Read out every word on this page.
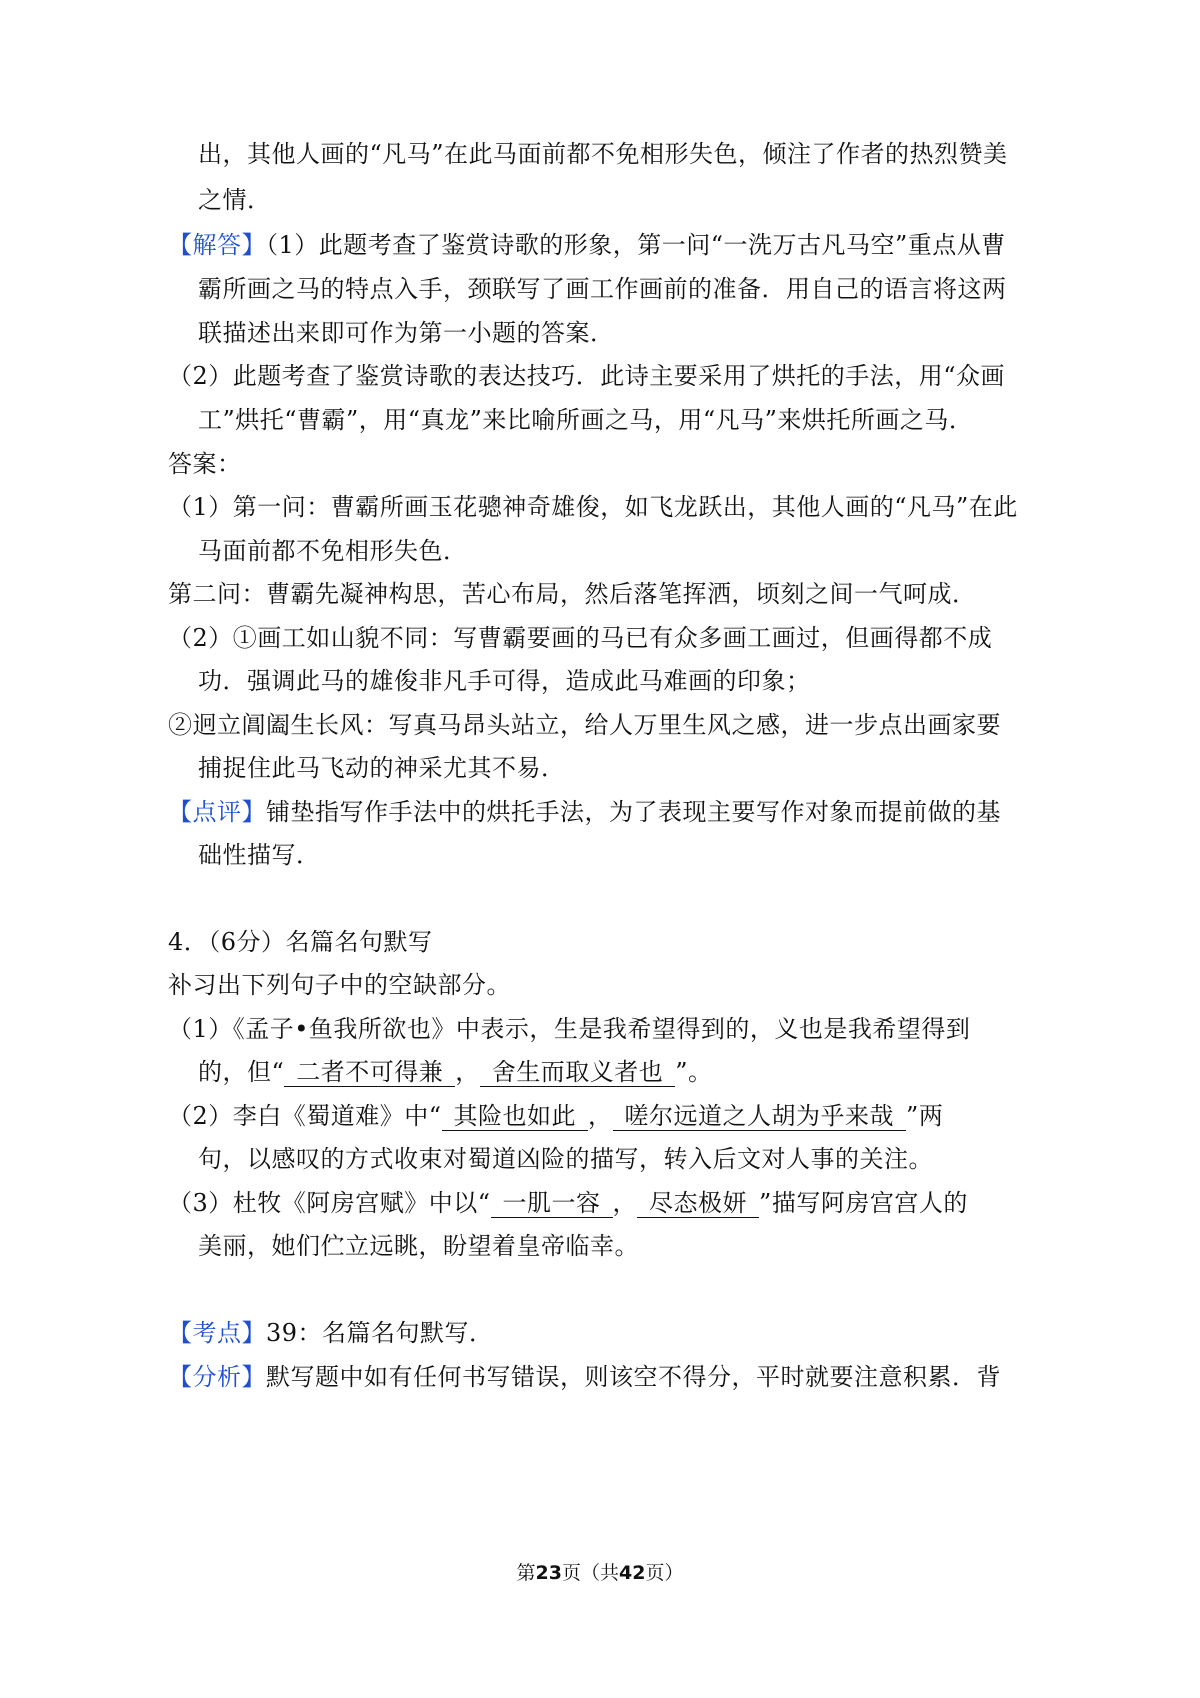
出，其他人画的“凡马”在此马面前都不免相形失色，倾注了作者的热烈赞美
之情．
【解答】（1）此题考查了鉴赏诗歌的形象，第一问“一洗万古凡马空”重点从曹
霸所画之马的特点入手，颈联写了画工作画前的准备．用自己的语言将这两
联描述出来即可作为第一小题的答案．
（2）此题考查了鉴赏诗歌的表达技巧．此诗主要采用了烘托的手法，用“众画
工”烘托“曹霸”，用“真龙”来比喻所画之马，用“凡马”来烘托所画之马．
答案：
（1）第一问：曹霸所画玉花骢神奇雄俊，如飞龙跃出，其他人画的“凡马”在此
马面前都不免相形失色．
第二问：曹霸先凝神构思，苦心布局，然后落笔挥洒，顷刻之间一气呵成．
（2）①画工如山貌不同：写曹霸要画的马已有众多画工画过，但画得都不成
功．强调此马的雄俊非凡手可得，造成此马难画的印象；
②迥立阊阖生长风：写真马昂头站立，给人万里生风之感，进一步点出画家要
捕捉住此马飞动的神采尤其不易．
【点评】铺垫指写作手法中的烘托手法，为了表现主要写作对象而提前做的基
础性描写．
4．（6分）名篇名句默写
补习出下列句子中的空缺部分。
（1）《孟子•鱼我所欲也》中表示，生是我希望得到的，义也是我希望得到
的，但“ 二者不可得兼 ， 舍生而取义者也 ”。
（2）李白《蜀道难》中“ 其险也如此 ， 嗟尔远道之人胡为乎来哉 ”两
句，以感叹的方式收束对蜀道凶险的描写，转入后文对人事的关注。
（3）杜牧《阿房宫赋》中以“ 一肌一容 ， 尽态极妍 ”描写阿房宫宫人的
美丽，她们伫立远眺，盼望着皇帝临幸。
【考点】39：名篇名句默写．
【分析】默写题中如有任何书写错误，则该空不得分，平时就要注意积累．背
第23页（共42页）
